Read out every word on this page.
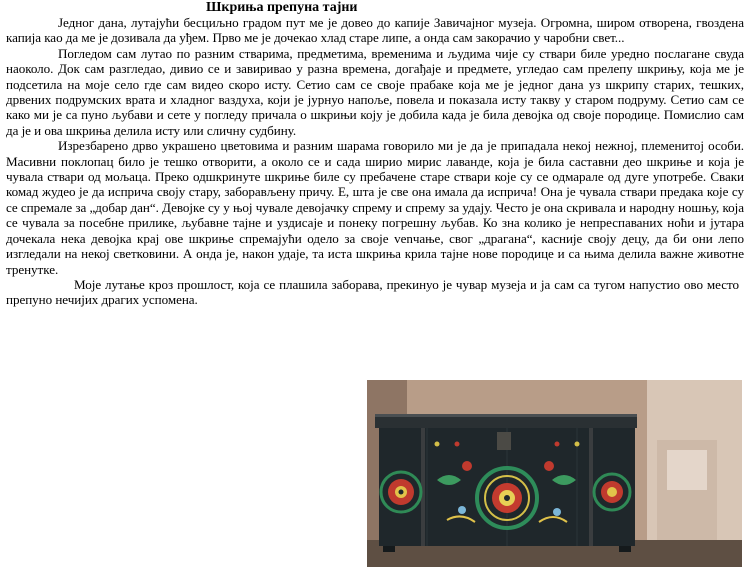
Шкриња препуна тајни

Једног дана, лутајући бесциљно градом пут ме је довео до капије Завичајног музеја. Огромна, широм отворена, гвоздена капија као да ме је дозивала да уђем. Прво ме је дочекао хлад старе липе, а онда сам закорачио у чаробни свет...

Погледом сам лутао по разним стварима, предметима, временима и људима чије су ствари биле уредно послагане свуда наоколо. Док сам разгледао, дивио се и завиривао у разна времена, догађаје и предмете, угледао сам прелепу шкрињу, која ме је подсетила на моје село где сам видео скоро исту. Сетио сам се своје прабаке која ме је једног дана уз шкрипу старих, тешких, дрвених подрумских врата и хладног ваздуха, који је јурнуо напоље, повела и показала исту такву у старом подруму. Сетио сам се како ми је са пуно љубави и сете у погледу причала о шкрињи коју је добила када је била девојка од своје породице. Помислио сам да је и ова шкриња делила исту или сличну судбину.

Изрезбарено дрво украшено цветовима и разним шарама говорило ми је да је припадала некој нежној, племенитој особи. Масивни поклопац било је тешко отворити, а около се и сада ширио мирис лаванде, која је била саставни део шкриње и која је чувала ствари од мољаца. Преко одшкринуте шкриње биле су пребачене старе ствари које су се одмарале од дуге употребе. Сваки комад жудео је да исприча своју стару, заборављену причу. Е, шта је све она имала да исприча! Она је чувала ствари предака које су се спремале за „добар дан“. Девојке су у њој чувале девојачку спрему и спрему за удају. Често је она скривала и народну ношњу, која се чувала за посебне прилике, љубавне тајне и уздисаје и понеку погрешну љубав. Ко зна колико је непреспаваних ноћи и јутара дочекала нека девојка крај ове шкриње спремајући одело за своје venчање, свог „драгана“, касније своју децу, да би они лепо изгледали на некој светковини. А онда је, након удаје, та иста шкриња крила тајне нове породице и са њима делила важне животне тренутке.

Моје лутање кроз прошлост, која се плашила заборава, прекинуо је чувар музеја и ја сам са тугом напустио ово место препуно нечијих драгих успомена.
